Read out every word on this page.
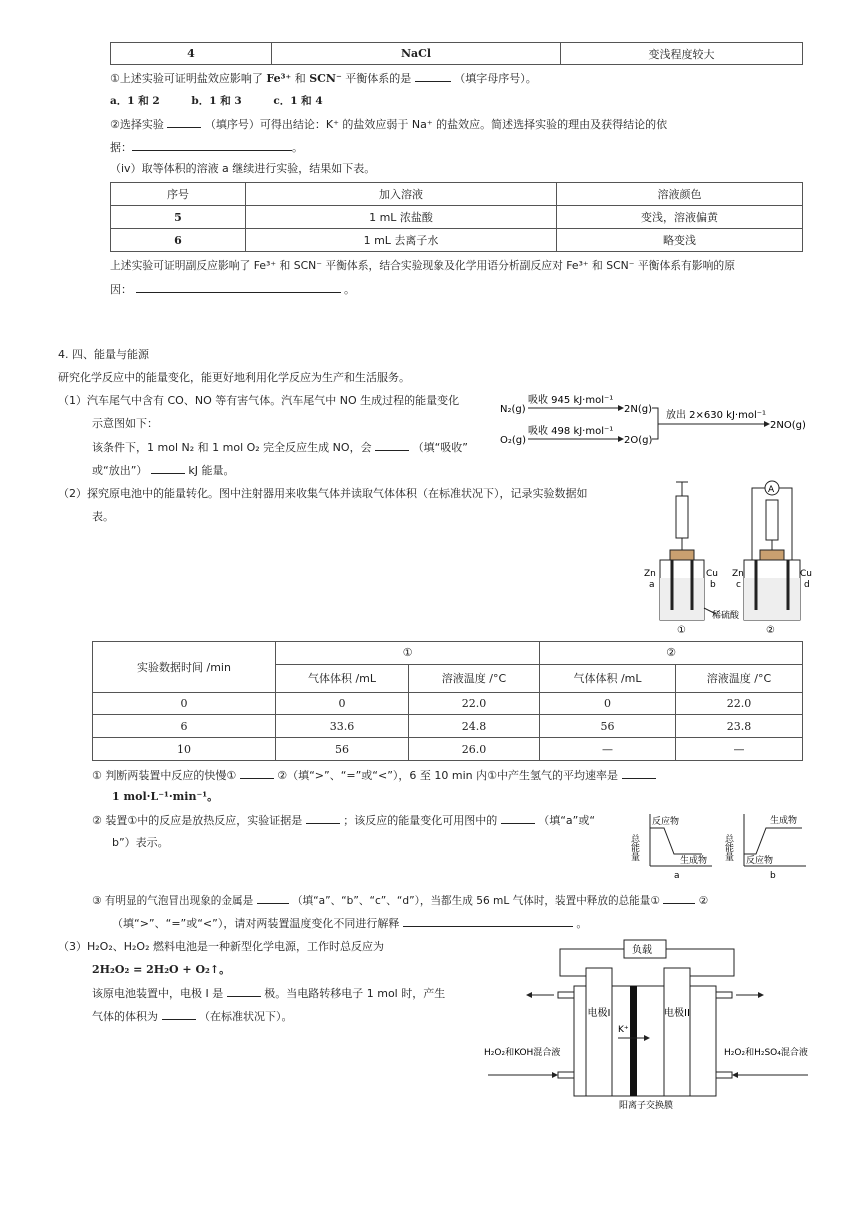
4	NaCl	变浅程度较大
①上述实验可证明盐效应影响了 Fe³⁺ 和 SCN⁻ 平衡体系的是	（填字母序号）。
a．1 和 2	b．1 和 3	c．1 和 4
②选择实验	（填序号）可得出结论：K⁺ 的盐效应弱于 Na⁺ 的盐效应。简述选择实验的理由及获得结论的依
据：	。
（iv）取等体积的溶液 a 继续进行实验，结果如下表。
序号	加入溶液	溶液颜色
5	1 mL 浓盐酸	变浅，溶液偏黄
6	1 mL 去离子水	略变浅
上述实验可证明副反应影响了 Fe³⁺ 和 SCN⁻ 平衡体系，结合实验现象及化学用语分析副反应对 Fe³⁺ 和 SCN⁻ 平衡体系有影响的原
因：	。
4. 四、能量与能源
研究化学反应中的能量变化，能更好地利用化学反应为生产和生活服务。
（1）汽车尾气中含有 CO、NO 等有害气体。汽车尾气中 NO 生成过程的能量变化
示意图如下：
该条件下，1 mol N₂ 和 1 mol O₂ 完全反应生成 NO，会	（填“吸收”
或“放出”）	kJ 能量。
N₂(g)
吸收 945 kJ·mol⁻¹
2N(g)
O₂(g)
吸收 498 kJ·mol⁻¹
2O(g)
放出 2×630 kJ·mol⁻¹
2NO(g)
（2）探究原电池中的能量转化。图中注射器用来收集气体并读取气体体积（在标准状况下），记录实验数据如
表。
Zn
a
Cu
b
①
A
Zn
c
Cu
d
②
稀硫酸
实验数据时间 /min	①		②	
	气体体积 /mL	溶液温度 /°C	气体体积 /mL	溶液温度 /°C
0	0	22.0	0	22.0
6	33.6	24.8	56	23.8
10	56	26.0	—	—
① 判断两装置中反应的快慢①	②（填“>”、“=”或“<”），6 至 10 min 内①中产生氢气的平均速率是
1 mol·L⁻¹·min⁻¹。
② 装置①中的反应是放热反应，实验证据是	；该反应的能量变化可用图中的	（填“a”或“
b”）表示。	总能量
反应物
生成物
a
总能量
生成物
反应物
b
③ 有明显的气泡冒出现象的金属是	（填“a”、“b”、“c”、“d”），当都生成 56 mL 气体时，装置中释放的总能量①	②
（填“>”、“=”或“<”），请对两装置温度变化不同进行解释	。
（3）H₂O₂、H₂O₂ 燃料电池是一种新型化学电源，工作时总反应为
2H₂O₂ = 2H₂O + O₂↑。
该原电池装置中，电极 I 是	极。当电路转移电子 1 mol 时，产生
气体的体积为	（在标准状况下）。
负载
电极I	电极II
K⁺
H₂O₂和KOH混合液	H₂O₂和H₂SO₄混合液
阳离子交换膜
